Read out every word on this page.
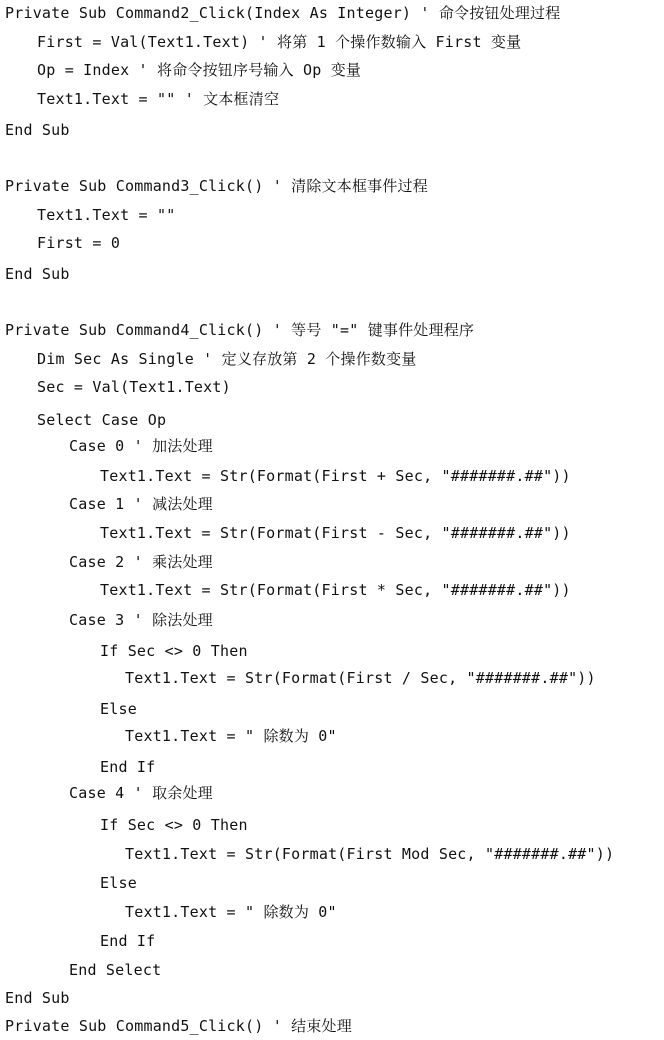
Private Sub Command2_Click(Index As Integer) ' 命令按钮处理过程
First = Val(Text1.Text) ' 将第 1 个操作数输入 First 变量
Op = Index ' 将命令按钮序号输入 Op 变量
Text1.Text = "" ' 文本框清空
End Sub
Private Sub Command3_Click() ' 清除文本框事件过程
Text1.Text = ""
First = 0
End Sub
Private Sub Command4_Click() ' 等号 "=" 键事件处理程序
Dim Sec As Single ' 定义存放第 2 个操作数变量
Sec = Val(Text1.Text)
Select Case Op
Case 0 ' 加法处理
Text1.Text = Str(Format(First + Sec, "#######.##"))
Case 1 ' 减法处理
Text1.Text = Str(Format(First - Sec, "#######.##"))
Case 2 ' 乘法处理
Text1.Text = Str(Format(First * Sec, "#######.##"))
Case 3 ' 除法处理
If Sec <> 0 Then
Text1.Text = Str(Format(First / Sec, "#######.##"))
Else
Text1.Text = " 除数为 0"
End If
Case 4 ' 取余处理
If Sec <> 0 Then
Text1.Text = Str(Format(First Mod Sec, "#######.##"))
Else
Text1.Text = " 除数为 0"
End If
End Select
End Sub
Private Sub Command5_Click() ' 结束处理
